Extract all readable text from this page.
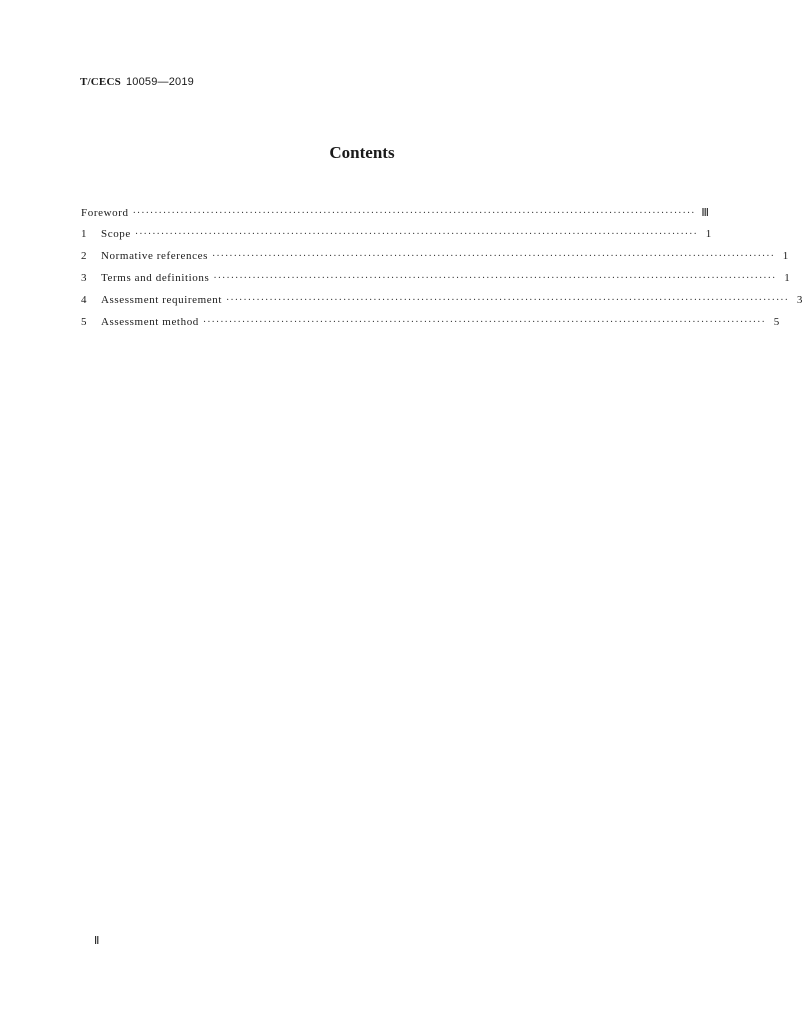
T/CECS 10059—2019
Contents
Foreword ·································································································································· Ⅲ
1 Scope ·································································································································· 1
2 Normative references ·································································································································· 1
3 Terms and definitions ·································································································································· 1
4 Assessment requirement ·································································································································· 3
5 Assessment method ·································································································································· 5
Ⅱ
